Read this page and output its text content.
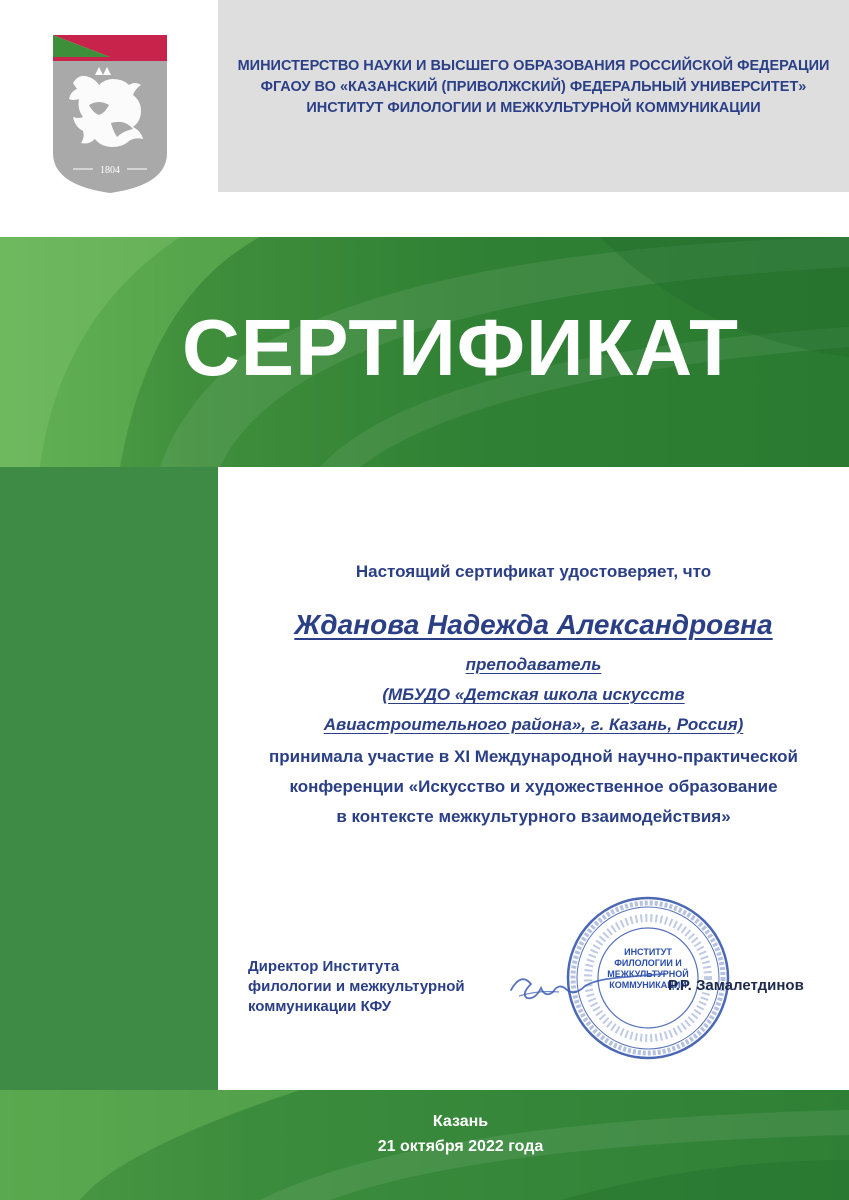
МИНИСТЕРСТВО НАУКИ И ВЫСШЕГО ОБРАЗОВАНИЯ РОССИЙСКОЙ ФЕДЕРАЦИИ
ФГАОУ ВО «КАЗАНСКИЙ (ПРИВОЛЖСКИЙ) ФЕДЕРАЛЬНЫЙ УНИВЕРСИТЕТ»
ИНСТИТУТ ФИЛОЛОГИИ И МЕЖКУЛЬТУРНОЙ КОММУНИКАЦИИ
1804
СЕРТИФИКАТ
Настоящий сертификат удостоверяет, что
Жданова Надежда Александровна
преподаватель
(МБУДО «Детская школа искусств
Авиастроительного района», г. Казань, Россия)
принимала участие в XI Международной научно-практической
конференции «Искусство и художественное образование
в контексте межкультурного взаимодействия»
Директор Института
филологии и межкультурной
коммуникации КФУ
ИНСТИТУТ
ФИЛОЛОГИИ И
МЕЖКУЛЬТУРНОЙ
КОММУНИКАЦИИ
Р.Р. Замалетдинов
Казань
21 октября 2022 года
